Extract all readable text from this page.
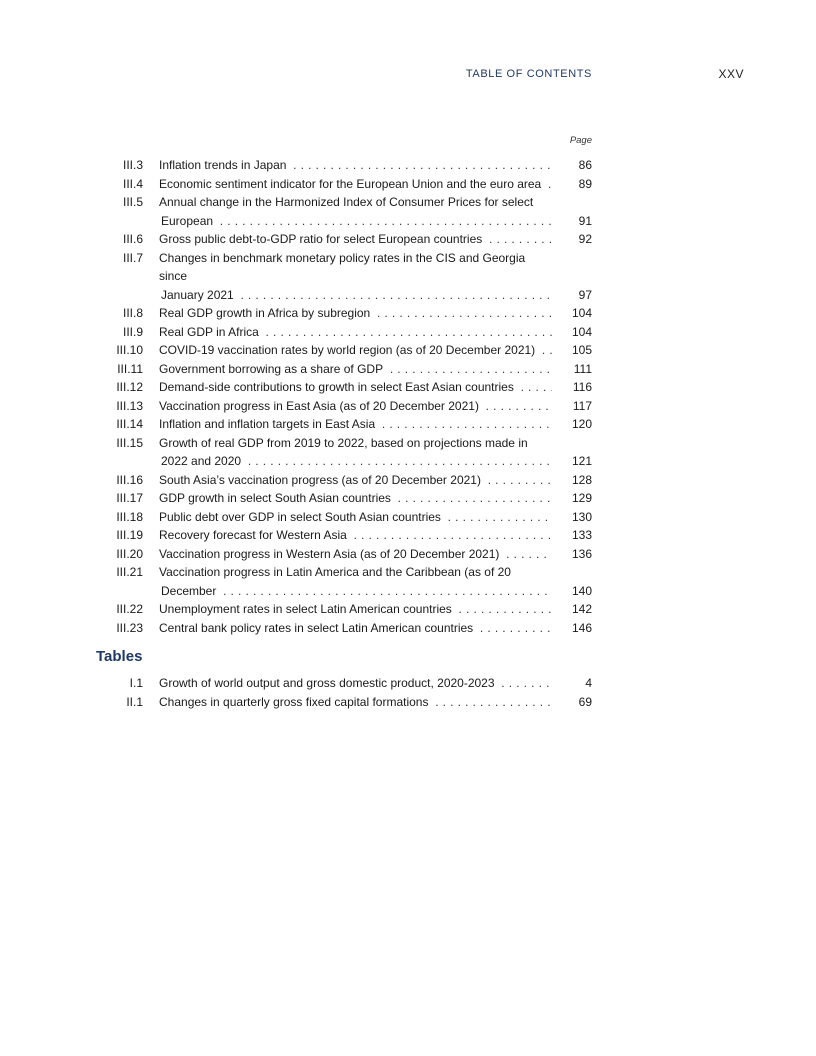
TABLE OF CONTENTS	XXV
Page
III.3 Inflation trends in Japan . . .	86
III.4 Economic sentiment indicator for the European Union and the euro area . . .	89
III.5 Annual change in the Harmonized Index of Consumer Prices for select
European . . .	91
III.6 Gross public debt-to-GDP ratio for select European countries . . .	92
III.7 Changes in benchmark monetary policy rates in the CIS and Georgia since
January 2021 . . .	97
III.8 Real GDP growth in Africa by subregion . . .	104
III.9 Real GDP in Africa . . .	104
III.10 COVID-19 vaccination rates by world region (as of 20 December 2021) . . .	105
III.11 Government borrowing as a share of GDP . . .	111
III.12 Demand-side contributions to growth in select East Asian countries . . .	116
III.13 Vaccination progress in East Asia (as of 20 December 2021) . . .	117
III.14 Inflation and inflation targets in East Asia . . .	120
III.15 Growth of real GDP from 2019 to 2022, based on projections made in
2022 and 2020 . . .	121
III.16 South Asia’s vaccination progress (as of 20 December 2021) . . .	128
III.17 GDP growth in select South Asian countries . . .	129
III.18 Public debt over GDP in select South Asian countries . . .	130
III.19 Recovery forecast for Western Asia . . .	133
III.20 Vaccination progress in Western Asia (as of 20 December 2021) . . .	136
III.21 Vaccination progress in Latin America and the Caribbean (as of 20
December . . .	140
III.22 Unemployment rates in select Latin American countries . . .	142
III.23 Central bank policy rates in select Latin American countries . . .	146
Tables
I.1 Growth of world output and gross domestic product, 2020-2023 . . .	4
II.1 Changes in quarterly gross fixed capital formations . . .	69
